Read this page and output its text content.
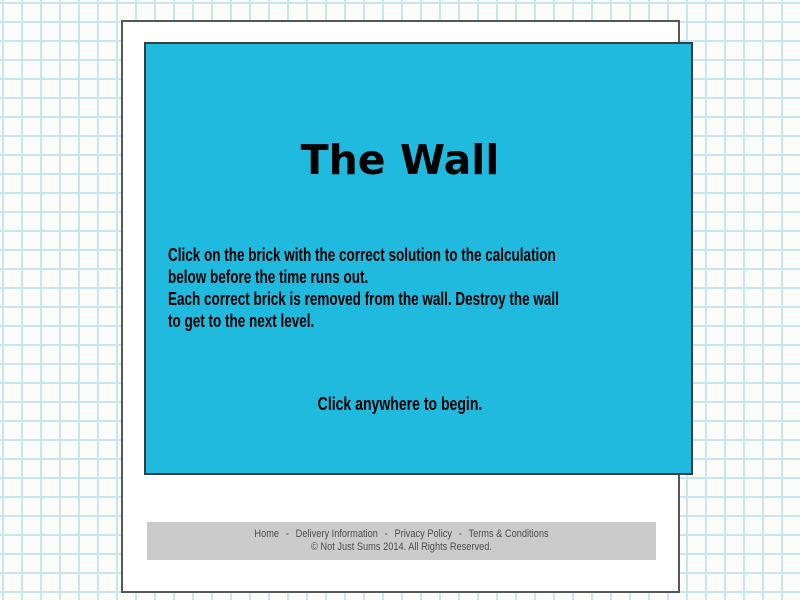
The Wall

Click on the brick with the correct solution to the calculation
below before the time runs out.
Each correct brick is removed from the wall. Destroy the wall
to get to the next level.

Click anywhere to begin.
Home - Delivery Information - Privacy Policy - Terms & Conditions
© Not Just Sums 2014. All Rights Reserved.
